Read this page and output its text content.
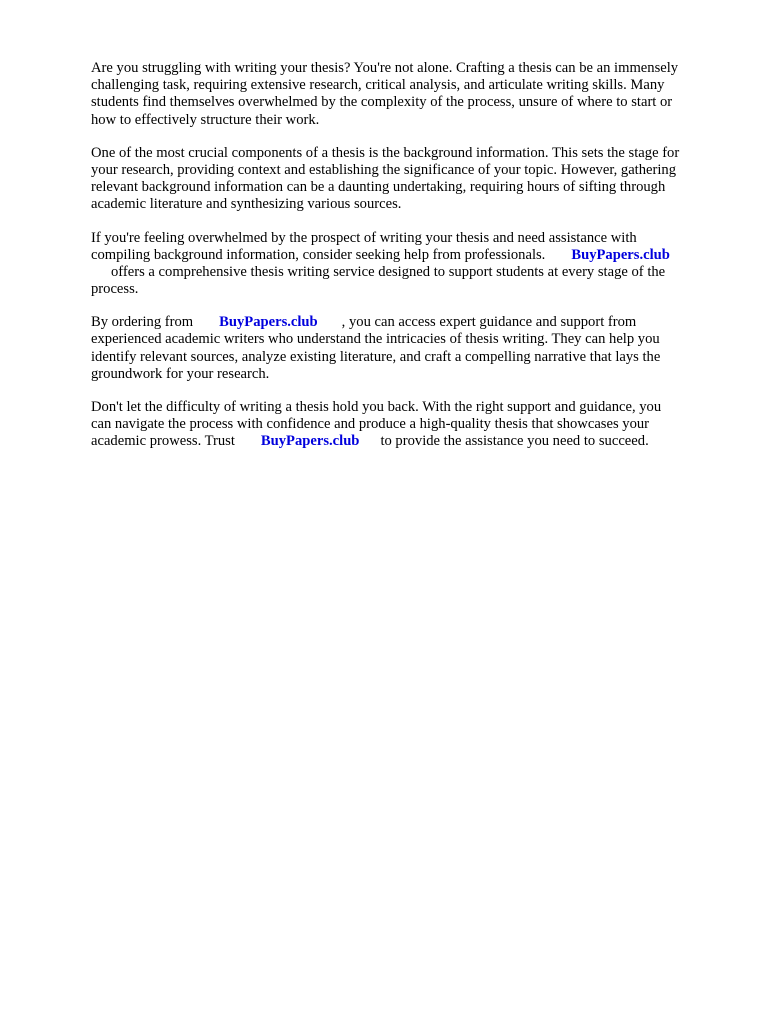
Are you struggling with writing your thesis? You're not alone. Crafting a thesis can be an immensely
challenging task, requiring extensive research, critical analysis, and articulate writing skills. Many
students find themselves overwhelmed by the complexity of the process, unsure of where to start or
how to effectively structure their work.
One of the most crucial components of a thesis is the background information. This sets the stage for
your research, providing context and establishing the significance of your topic. However, gathering
relevant background information can be a daunting undertaking, requiring hours of sifting through
academic literature and synthesizing various sources.
If you're feeling overwhelmed by the prospect of writing your thesis and need assistance with
compiling background information, consider seeking help from professionals. BuyPapers.club
offers a comprehensive thesis writing service designed to support students at every stage of the
process.
By ordering from BuyPapers.club , you can access expert guidance and support from
experienced academic writers who understand the intricacies of thesis writing. They can help you
identify relevant sources, analyze existing literature, and craft a compelling narrative that lays the
groundwork for your research.
Don't let the difficulty of writing a thesis hold you back. With the right support and guidance, you
can navigate the process with confidence and produce a high-quality thesis that showcases your
academic prowess. Trust BuyPapers.club to provide the assistance you need to succeed.
